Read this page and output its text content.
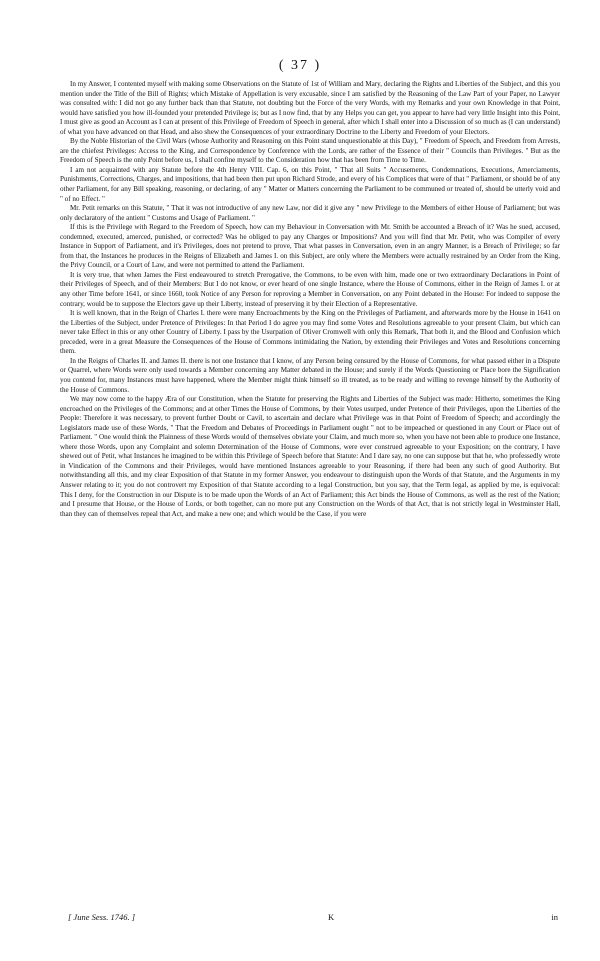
( 37 )

In my Answer, I contented myself with making some Observations on the Statute of 1st of William and Mary, declaring the Rights and Liberties of the Subject, and this you mention under the Title of the Bill of Rights; which Mistake of Appellation is very excusable, since I am satisfied by the Reasoning of the Law Part of your Paper, no Lawyer was consulted with: I did not go any further back than that Statute, not doubting but the Force of the very Words, with my Remarks and your own Knowledge in that Point, would have satisfied you how ill-founded your pretended Privilege is; but as I now find, that by any Helps you can get, you appear to have had very little Insight into this Point, I must give as good an Account as I can at present of this Privilege of Freedom of Speech in general, after which I shall enter into a Discussion of so much as (I can understand) of what you have advanced on that Head, and also shew the Consequences of your extraordinary Doctrine to the Liberty and Freedom of your Electors.

By the Noble Historian of the Civil Wars (whose Authority and Reasoning on this Point stand unquestionable at this Day), " Freedom of Speech, and Freedom from Arrests, are the chiefest Privileges: Access to the King, and Correspondence by Conference with the Lords, are rather of the Essence of their " Councils than Privileges. " But as the Freedom of Speech is the only Point before us, I shall confine myself to the Consideration how that has been from Time to Time.

I am not acquainted with any Statute before the 4th Henry VIII. Cap. 6, on this Point, " That all Suits " Accusements, Condemnations, Executions, Amerciaments, Punishments, Corrections, Charges, and impositions, that had been then put upon Richard Strode, and every of his Complices that were of that " Parliament, or should be of any other Parliament, for any Bill speaking, reasoning, or declaring, of any " Matter or Matters concerning the Parliament to be communed or treated of, should be utterly void and " of no Effect. "

Mr. Petit remarks on this Statute, " That it was not introductive of any new Law, nor did it give any " new Privilege to the Members of either House of Parliament; but was only declaratory of the antient " Customs and Usage of Parliament. "

If this is the Privilege with Regard to the Freedom of Speech, how can my Behaviour in Conversation with Mr. Smith be accounted a Breach of it? Was he sued, accused, condemned, executed, amerced, punished, or corrected? Was he obliged to pay any Charges or Impositions? And you will find that Mr. Petit, who was Compiler of every Instance in Support of Parliament, and it's Privileges, does not pretend to prove, That what passes in Conversation, even in an angry Manner, is a Breach of Privilege; so far from that, the Instances he produces in the Reigns of Elizabeth and James I. on this Subject, are only where the Members were actually restrained by an Order from the King, the Privy Council, or a Court of Law, and were not permitted to attend the Parliament.

It is very true, that when James the First endeavoured to stretch Prerogative, the Commons, to be even with him, made one or two extraordinary Declarations in Point of their Privileges of Speech, and of their Members: But I do not know, or ever heard of one single Instance, where the House of Commons, either in the Reign of James I. or at any other Time before 1641, or since 1660, took Notice of any Person for reproving a Member in Conversation, on any Point debated in the House: For indeed to suppose the contrary, would be to suppose the Electors gave up their Liberty, instead of preserving it by their Election of a Representative.

It is well known, that in the Reign of Charles I. there were many Encroachments by the King on the Privileges of Parliament, and afterwards more by the House in 1641 on the Liberties of the Subject, under Pretence of Privileges: In that Period I do agree you may find some Votes and Resolutions agreeable to your present Claim, but which can never take Effect in this or any other Country of Liberty. I pass by the Usurpation of Oliver Cromwell with only this Remark, That both it, and the Blood and Confusion which preceded, were in a great Measure the Consequences of the House of Commons intimidating the Nation, by extending their Privileges and Votes and Resolutions concerning them.

In the Reigns of Charles II. and James II. there is not one Instance that I know, of any Person being censured by the House of Commons, for what passed either in a Dispute or Quarrel, where Words were only used towards a Member concerning any Matter debated in the House; and surely if the Words Questioning or Place bore the Signification you contend for, many Instances must have happened, where the Member might think himself so ill treated, as to be ready and willing to revenge himself by the Authority of the House of Commons.

We may now come to the happy Æra of our Constitution, when the Statute for preserving the Rights and Liberties of the Subject was made: Hitherto, sometimes the King encroached on the Privileges of the Commons; and at other Times the House of Commons, by their Votes usurped, under Pretence of their Privileges, upon the Liberties of the People: Therefore it was necessary, to prevent further Doubt or Cavil, to ascertain and declare what Privilege was in that Point of Freedom of Speech; and accordingly the Legislators made use of these Words, " That the Freedom and Debates of Proceedings in Parliament ought " not to be impeached or questioned in any Court or Place out of Parliament. " One would think the Plainness of these Words would of themselves obviate your Claim, and much more so, when you have not been able to produce one Instance, where those Words, upon any Complaint and solemn Determination of the House of Commons, were ever construed agreeable to your Exposition; on the contrary, I have shewed out of Petit, what Instances he imagined to be within this Privilege of Speech before that Statute: And I dare say, no one can suppose but that he, who professedly wrote in Vindication of the Commons and their Privileges, would have mentioned Instances agreeable to your Reasoning, if there had been any such of good Authority. But notwithstanding all this, and my clear Exposition of that Statute in my former Answer, you endeavour to distinguish upon the Words of that Statute, and the Arguments in my Answer relating to it; you do not controvert my Exposition of that Statute according to a legal Construction, but you say, that the Term legal, as applied by me, is equivocal: This I deny, for the Construction in our Dispute is to be made upon the Words of an Act of Parliament; this Act binds the House of Commons, as well as the rest of the Nation; and I presume that House, or the House of Lords, or both together, can no more put any Construction on the Words of that Act, that is not strictly legal in Westminster Hall, than they can of themselves repeal that Act, and make a new one; and which would be the Case, if you were

[ June Sess. 1746. ]	K	in
